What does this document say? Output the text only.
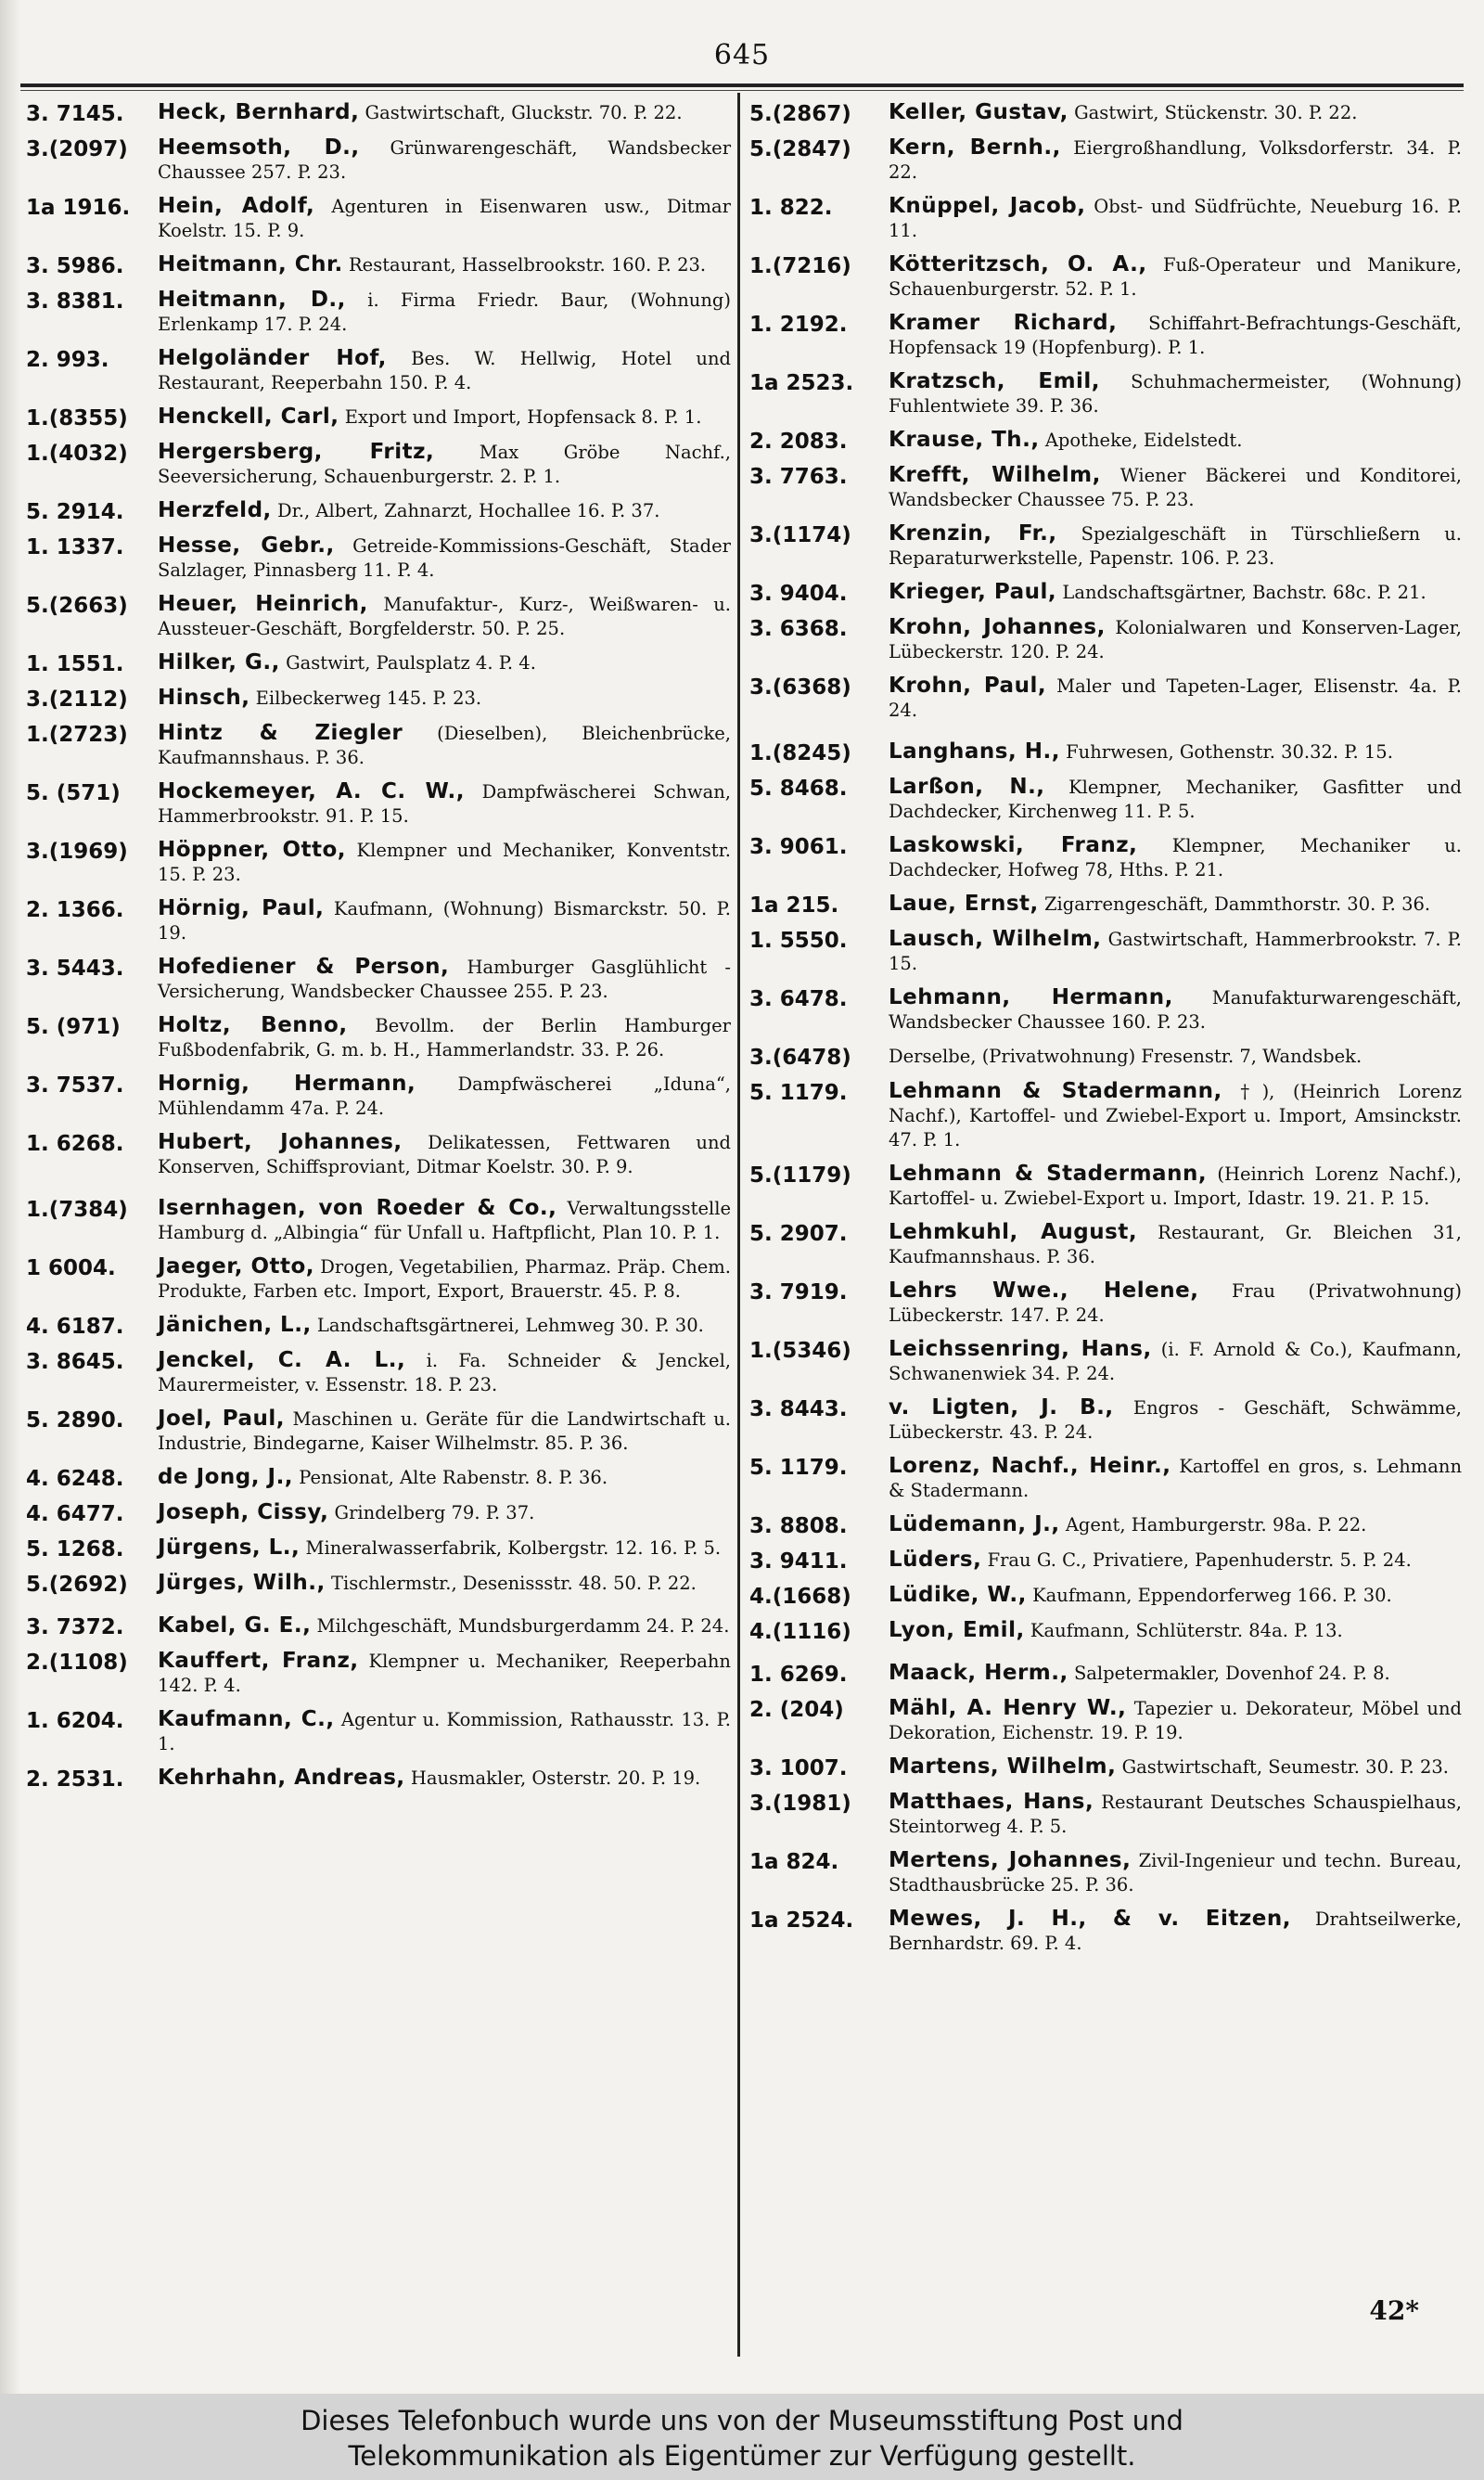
645
3. 7145.	Heck, Bernhard, Gastwirtschaft, Gluckstr. 70. P. 22.
3.(2097)	Heemsoth, D., Grünwarengeschäft, Wandsbecker Chaussee 257. P. 23.
1a 1916.	Hein, Adolf, Agenturen in Eisenwaren usw., Ditmar Koelstr. 15. P. 9.
3. 5986.	Heitmann, Chr. Restaurant, Hasselbrookstr. 160. P. 23.
3. 8381.	Heitmann, D., i. Firma Friedr. Baur, (Wohnung) Erlenkamp 17. P. 24.
2. 993.	Helgoländer Hof, Bes. W. Hellwig, Hotel und Restaurant, Reeperbahn 150. P. 4.
1.(8355)	Henckell, Carl, Export und Import, Hopfensack 8. P. 1.
1.(4032)	Hergersberg, Fritz, Max Gröbe Nachf., Seeversicherung, Schauenburgerstr. 2. P. 1.
5. 2914.	Herzfeld, Dr., Albert, Zahnarzt, Hochallee 16. P. 37.
1. 1337.	Hesse, Gebr., Getreide-Kommissions-Geschäft, Stader Salzlager, Pinnasberg 11. P. 4.
5.(2663)	Heuer, Heinrich, Manufaktur-, Kurz-, Weißwaren- u. Aussteuer-Geschäft, Borgfelderstr. 50. P. 25.
1. 1551.	Hilker, G., Gastwirt, Paulsplatz 4. P. 4.
3.(2112)	Hinsch, Eilbeckerweg 145. P. 23.
1.(2723)	Hintz & Ziegler (Dieselben), Bleichenbrücke, Kaufmannshaus. P. 36.
5. (571)	Hockemeyer, A. C. W., Dampfwäscherei Schwan, Hammerbrookstr. 91. P. 15.
3.(1969)	Höppner, Otto, Klempner und Mechaniker, Konventstr. 15. P. 23.
2. 1366.	Hörnig, Paul, Kaufmann, (Wohnung) Bismarckstr. 50. P. 19.
3. 5443.	Hofediener & Person, Hamburger Gasglühlicht - Versicherung, Wandsbecker Chaussee 255. P. 23.
5. (971)	Holtz, Benno, Bevollm. der Berlin Hamburger Fußbodenfabrik, G. m. b. H., Hammerlandstr. 33. P. 26.
3. 7537.	Hornig, Hermann, Dampfwäscherei „Iduna“, Mühlendamm 47a. P. 24.
1. 6268.	Hubert, Johannes, Delikatessen, Fettwaren und Konserven, Schiffsproviant, Ditmar Koelstr. 30. P. 9.
1.(7384)	Isernhagen, von Roeder & Co., Verwaltungsstelle Hamburg d. „Albingia“ für Unfall u. Haftpflicht, Plan 10. P. 1.
1 6004.	Jaeger, Otto, Drogen, Vegetabilien, Pharmaz. Präp. Chem. Produkte, Farben etc. Import, Export, Brauerstr. 45. P. 8.
4. 6187.	Jänichen, L., Landschaftsgärtnerei, Lehmweg 30. P. 30.
3. 8645.	Jenckel, C. A. L., i. Fa. Schneider & Jenckel, Maurermeister, v. Essenstr. 18. P. 23.
5. 2890.	Joel, Paul, Maschinen u. Geräte für die Landwirtschaft u. Industrie, Bindegarne, Kaiser Wilhelmstr. 85. P. 36.
4. 6248.	de Jong, J., Pensionat, Alte Rabenstr. 8. P. 36.
4. 6477.	Joseph, Cissy, Grindelberg 79. P. 37.
5. 1268.	Jürgens, L., Mineralwasserfabrik, Kolbergstr. 12. 16. P. 5.
5.(2692)	Jürges, Wilh., Tischlermstr., Desenissstr. 48. 50. P. 22.
3. 7372.	Kabel, G. E., Milchgeschäft, Mundsburgerdamm 24. P. 24.
2.(1108)	Kauffert, Franz, Klempner u. Mechaniker, Reeperbahn 142. P. 4.
1. 6204.	Kaufmann, C., Agentur u. Kommission, Rathausstr. 13. P. 1.
2. 2531.	Kehrhahn, Andreas, Hausmakler, Osterstr. 20. P. 19.
5.(2867)	Keller, Gustav, Gastwirt, Stückenstr. 30. P. 22.
5.(2847)	Kern, Bernh., Eiergroßhandlung, Volksdorferstr. 34. P. 22.
1. 822.	Knüppel, Jacob, Obst- und Südfrüchte, Neueburg 16. P. 11.
1.(7216)	Kötteritzsch, O. A., Fuß-Operateur und Manikure, Schauenburgerstr. 52. P. 1.
1. 2192.	Kramer Richard, Schiffahrt-Befrachtungs-Geschäft, Hopfensack 19 (Hopfenburg). P. 1.
1a 2523.	Kratzsch, Emil, Schuhmachermeister, (Wohnung) Fuhlentwiete 39. P. 36.
2. 2083.	Krause, Th., Apotheke, Eidelstedt.
3. 7763.	Krefft, Wilhelm, Wiener Bäckerei und Konditorei, Wandsbecker Chaussee 75. P. 23.
3.(1174)	Krenzin, Fr., Spezialgeschäft in Türschließern u. Reparaturwerkstelle, Papenstr. 106. P. 23.
3. 9404.	Krieger, Paul, Landschaftsgärtner, Bachstr. 68c. P. 21.
3. 6368.	Krohn, Johannes, Kolonialwaren und Konserven-Lager, Lübeckerstr. 120. P. 24.
3.(6368)	Krohn, Paul, Maler und Tapeten-Lager, Elisenstr. 4a. P. 24.
1.(8245)	Langhans, H., Fuhrwesen, Gothenstr. 30.32. P. 15.
5. 8468.	Larßon, N., Klempner, Mechaniker, Gasfitter und Dachdecker, Kirchenweg 11. P. 5.
3. 9061.	Laskowski, Franz, Klempner, Mechaniker u. Dachdecker, Hofweg 78, Hths. P. 21.
1a 215.	Laue, Ernst, Zigarrengeschäft, Dammthorstr. 30. P. 36.
1. 5550.	Lausch, Wilhelm, Gastwirtschaft, Hammerbrookstr. 7. P. 15.
3. 6478.	Lehmann, Hermann, Manufakturwarengeschäft, Wandsbecker Chaussee 160. P. 23.
3.(6478)	Derselbe, (Privatwohnung) Fresenstr. 7, Wandsbek.
5. 1179.	Lehmann & Stadermann, †), (Heinrich Lorenz Nachf.), Kartoffel- und Zwiebel-Export u. Import, Amsinckstr. 47. P. 1.
5.(1179)	Lehmann & Stadermann, (Heinrich Lorenz Nachf.), Kartoffel- u. Zwiebel-Export u. Import, Idastr. 19. 21. P. 15.
5. 2907.	Lehmkuhl, August, Restaurant, Gr. Bleichen 31, Kaufmannshaus. P. 36.
3. 7919.	Lehrs Wwe., Helene, Frau (Privatwohnung) Lübeckerstr. 147. P. 24.
1.(5346)	Leichssenring, Hans, (i. F. Arnold & Co.), Kaufmann, Schwanenwiek 34. P. 24.
3. 8443.	v. Ligten, J. B., Engros - Geschäft, Schwämme, Lübeckerstr. 43. P. 24.
5. 1179.	Lorenz, Nachf., Heinr., Kartoffel en gros, s. Lehmann & Stadermann.
3. 8808.	Lüdemann, J., Agent, Hamburgerstr. 98a. P. 22.
3. 9411.	Lüders, Frau G. C., Privatiere, Papenhuderstr. 5. P. 24.
4.(1668)	Lüdike, W., Kaufmann, Eppendorferweg 166. P. 30.
4.(1116)	Lyon, Emil, Kaufmann, Schlüterstr. 84a. P. 13.
1. 6269.	Maack, Herm., Salpetermakler, Dovenhof 24. P. 8.
2. (204)	Mähl, A. Henry W., Tapezier u. Dekorateur, Möbel und Dekoration, Eichenstr. 19. P. 19.
3. 1007.	Martens, Wilhelm, Gastwirtschaft, Seumestr. 30. P. 23.
3.(1981)	Matthaes, Hans, Restaurant Deutsches Schauspielhaus, Steintorweg 4. P. 5.
1a 824.	Mertens, Johannes, Zivil-Ingenieur und techn. Bureau, Stadthausbrücke 25. P. 36.
1a 2524.	Mewes, J. H., & v. Eitzen, Drahtseilwerke, Bernhardstr. 69. P. 4.
42*
Dieses Telefonbuch wurde uns von der Museumsstiftung Post und
Telekommunikation als Eigentümer zur Verfügung gestellt.
